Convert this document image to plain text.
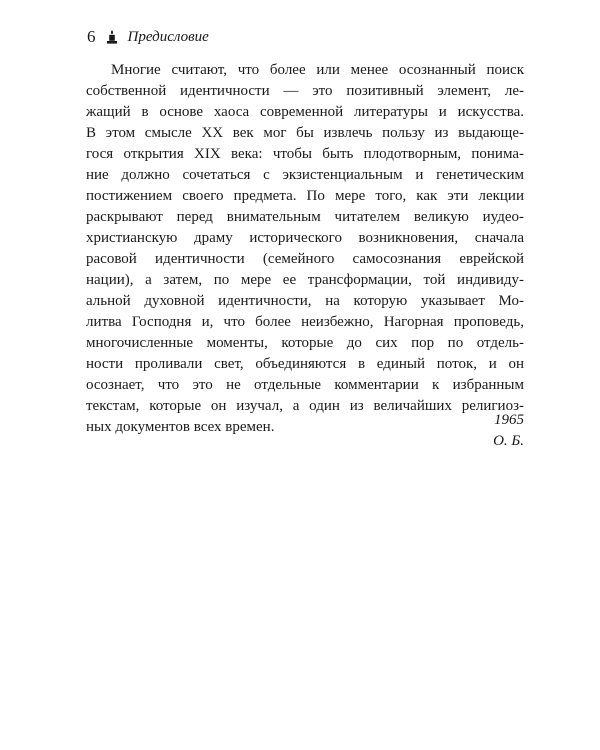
6 Предисловие
Многие считают, что более или менее осознанный поиск
собственной идентичности — это позитивный элемент, ле-
жащий в основе хаоса современной литературы и искусства.
В этом смысле XX век мог бы извлечь пользу из выдающе-
гося открытия XIX века: чтобы быть плодотворным, понима-
ние должно сочетаться с экзистенциальным и генетическим
постижением своего предмета. По мере того, как эти лекции
раскрывают перед внимательным читателем великую иудео-
христианскую драму исторического возникновения, сначала
расовой идентичности (семейного самосознания еврейской
нации), а затем, по мере ее трансформации, той индивиду-
альной духовной идентичности, на которую указывает Мо-
литва Господня и, что более неизбежно, Нагорная проповедь,
многочисленные моменты, которые до сих пор по отдель-
ности проливали свет, объединяются в единый поток, и он
осознает, что это не отдельные комментарии к избранным
текстам, которые он изучал, а один из величайших религиоз-
ных документов всех времен.	1965
О. Б.
